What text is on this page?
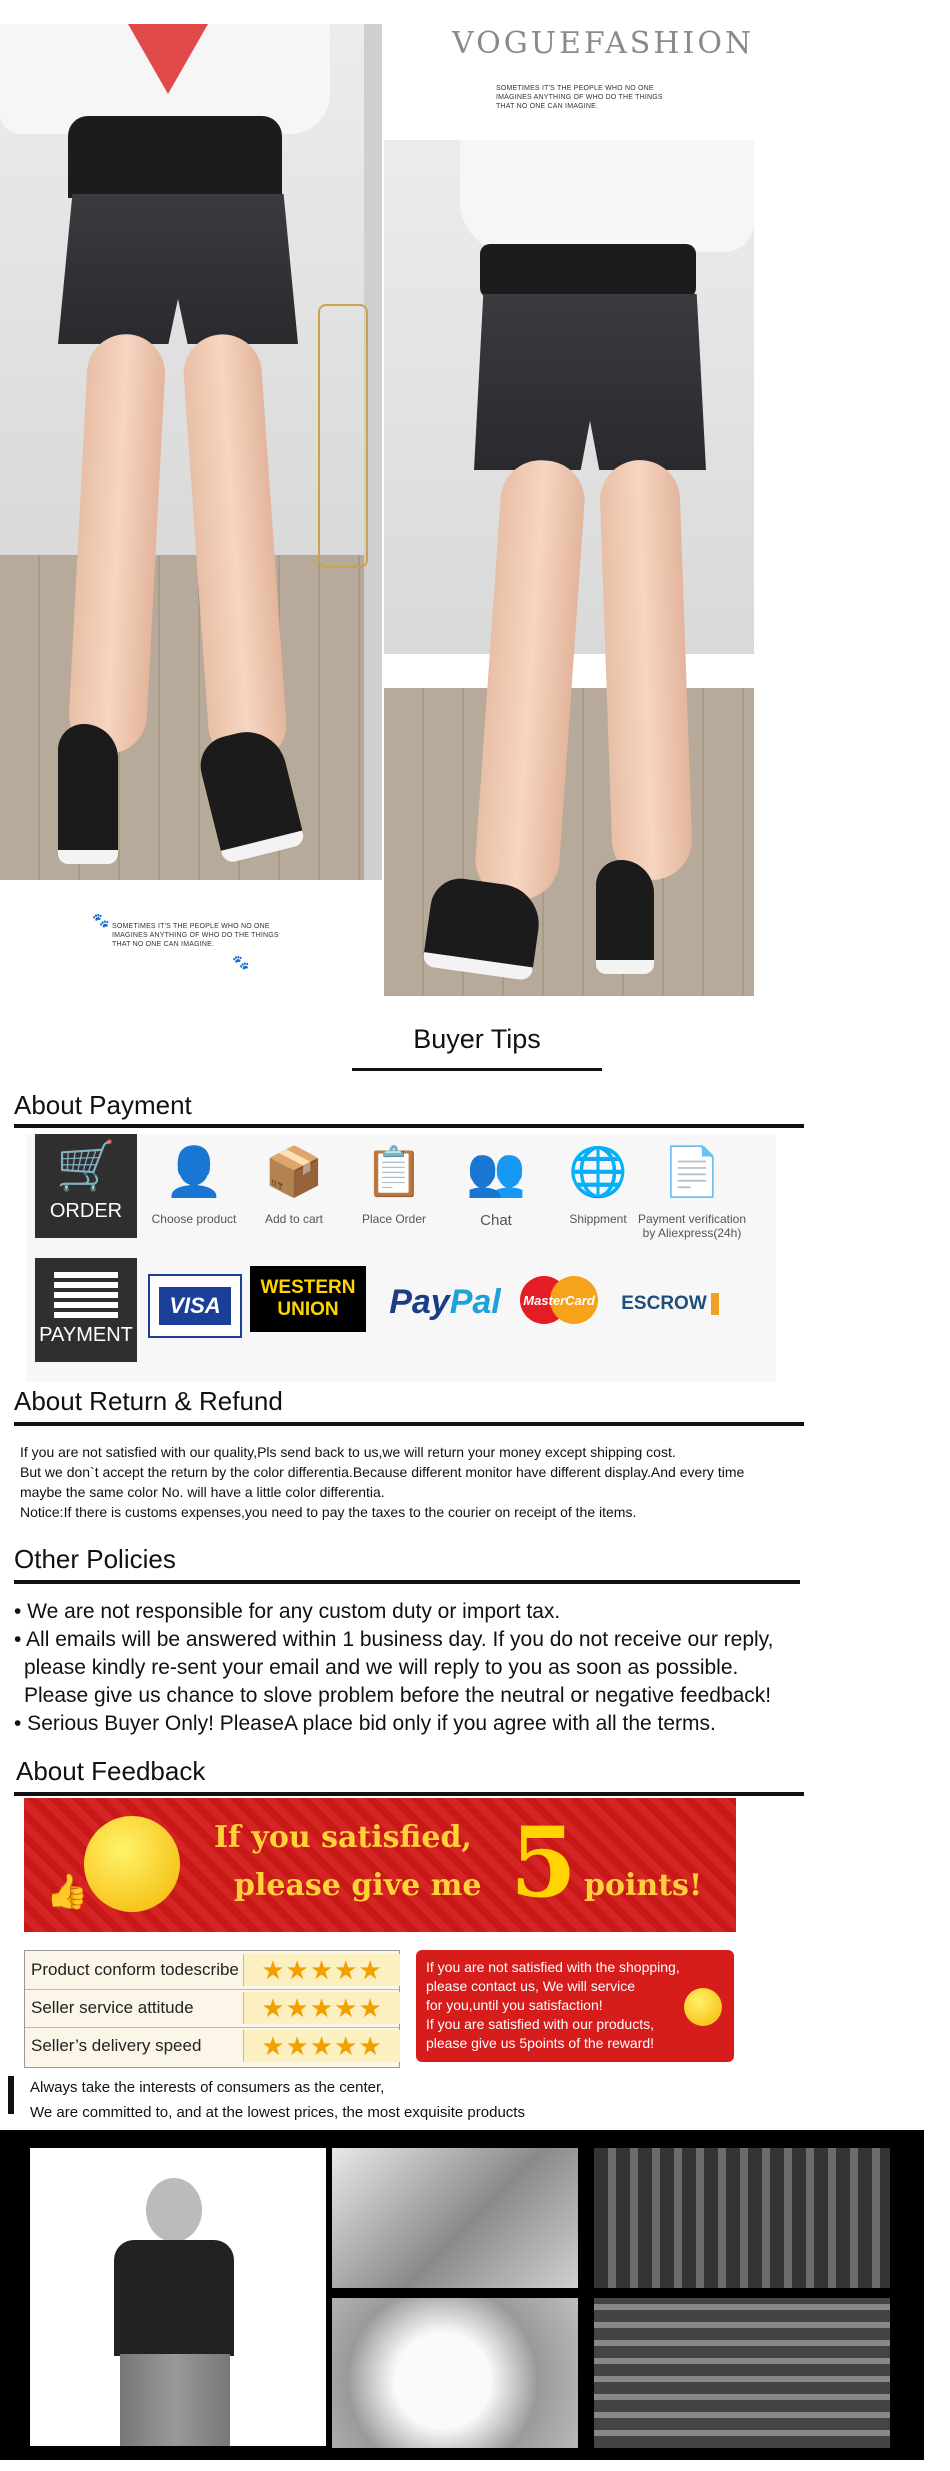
SOMETIMES IT'S THE PEOPLE WHO NO ONE
IMAGINES ANYTHING OF WHO DO THE THINGS
THAT NO ONE CAN IMAGINE.
🐾
🐾
VOGUEFASHION
SOMETIMES IT'S THE PEOPLE WHO NO ONE
IMAGINES ANYTHING OF WHO DO THE THINGS
THAT NO ONE CAN IMAGINE.
Buyer Tips
About Payment
🛒
ORDER
👤
Choose product
📦
Add to cart
📋
Place Order
👥
Chat
🌐
Shippment
📄
Payment verification
by Aliexpress(24h)
PAYMENT
VISA
WESTERN
UNION Pay Pal MasterCard ESCROW
About Return & Refund

If you are not satisfied with our quality,Pls send back to us,we will return your money except shipping cost.

But we don`t accept the return by the color differentia.Because different monitor have different display.And every time

maybe the same color No. will have a little color differentia.

Notice:If there is customs expenses,you need to pay the taxes to the courier on receipt of the items.

Other Policies

• We are not responsible for any custom duty or import tax.

• All emails will be answered within 1 business day. If you do not receive our reply,

please kindly re-sent your email and we will reply to you as soon as possible.

Please give us chance to slove problem before the neutral or negative feedback!

• Serious Buyer Only! PleaseA place bid only if you agree with all the terms.

About Feedback
👍
If you satisfied,
please give me 5 points!
Product conform todescribe ★★★★★
Seller service attitude	★★★★★
Seller’s delivery speed	★★★★★
If you are not satisfied with the shopping,
please contact us, We will service
for you,until you satisfaction!
If you are satisfied with our products,
please give us 5points of the reward!
Always take the interests of consumers as the center,
We are committed to, and at the lowest prices, the most exquisite products
